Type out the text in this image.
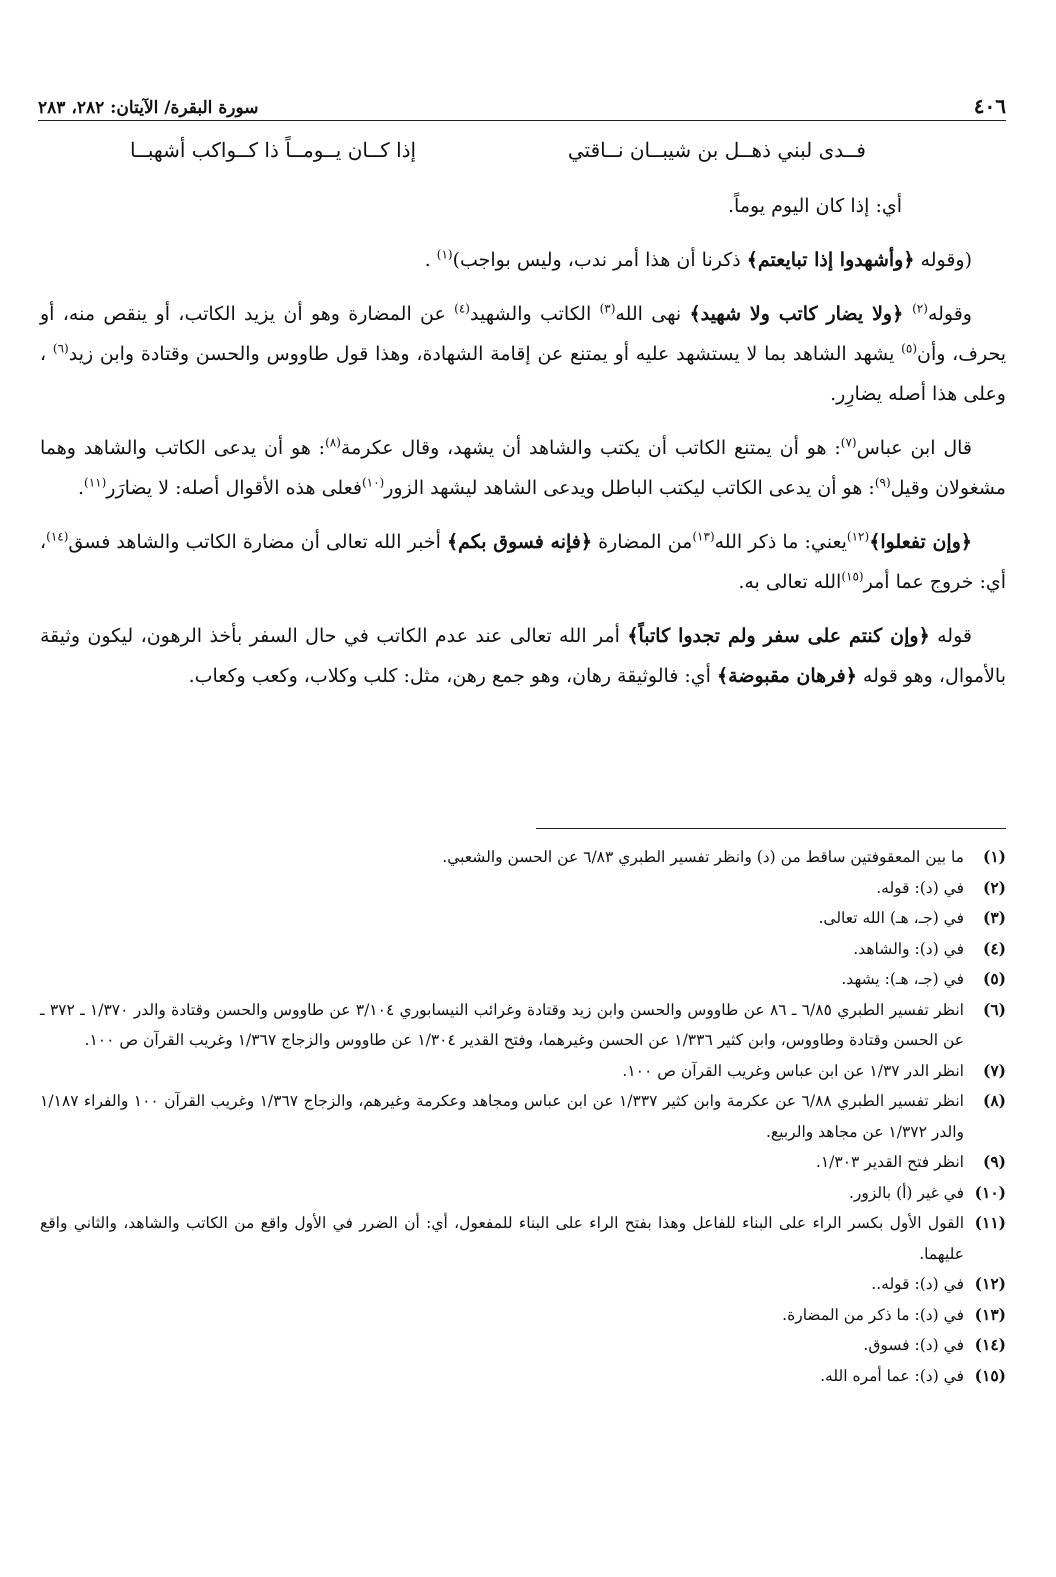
٤٠٦
سورة البقرة/ الآيتان: ٢٨٢، ٢٨٣
فــدى لبني ذهــل بن شيبــان نــاقتي
إذا كــان يــومــاً ذا كــواكب أشهبــا

أي: إذا كان اليوم يوماً.

(وقوله ﴿وأشهدوا إذا تبايعتم﴾ ذكرنا أن هذا أمر ندب، وليس بواجب)$^{(١)}$ .

وقوله$^{(٢)}$ ﴿ولا يضار كاتب ولا شهيد﴾ نهى الله$^{(٣)}$ الكاتب والشهيد$^{(٤)}$ عن المضارة وهو أن يزيد الكاتب، أو ينقص منه، أو يحرف، وأن$^{(٥)}$ يشهد الشاهد بما لا يستشهد عليه أو يمتنع عن إقامة الشهادة، وهذا قول طاووس والحسن وقتادة وابن زيد$^{(٦)}$ ، وعلى هذا أصله يضارِر.

قال ابن عباس$^{(٧)}$: هو أن يمتنع الكاتب أن يكتب والشاهد أن يشهد، وقال عكرمة$^{(٨)}$: هو أن يدعى الكاتب والشاهد وهما مشغولان وقيل$^{(٩)}$: هو أن يدعى الكاتب ليكتب الباطل ويدعى الشاهد ليشهد الزور$^{(١٠)}$فعلى هذه الأقوال أصله: لا يضارَر$^{(١١)}$.

﴿وإن تفعلوا﴾$^{(١٢)}$يعني: ما ذكر الله$^{(١٣)}$من المضارة ﴿فإنه فسوق بكم﴾ أخبر الله تعالى أن مضارة الكاتب والشاهد فسق$^{(١٤)}$، أي: خروج عما أمر$^{(١٥)}$الله تعالى به.

قوله ﴿وإن كنتم على سفر ولم تجدوا كاتباً﴾ أمر الله تعالى عند عدم الكاتب في حال السفر بأخذ الرهون، ليكون وثيقة بالأموال، وهو قوله ﴿فرهان مقبوضة﴾ أي: فالوثيقة رهان، وهو جمع رهن، مثل: كلب وكلاب، وكعب وكعاب.

(١)
ما بين المعقوفتين ساقط من (د) وانظر تفسير الطبري ٦/٨٣ عن الحسن والشعبي.
(٢)
في (د): قوله.
(٣)
في (جـ، هـ) الله تعالى.
(٤)
في (د): والشاهد.
(٥)
في (جـ، هـ): يشهد.
(٦)
انظر تفسير الطبري ٦/٨٥ ـ ٨٦ عن طاووس والحسن وابن زيد وقتادة وغرائب النيسابوري ٣/١٠٤ عن طاووس والحسن وقتادة والدر ١/٣٧٠ ـ ٣٧٢ ـ عن الحسن وقتادة وطاووس، وابن كثير ١/٣٣٦ عن الحسن وغيرهما، وفتح القدير ١/٣٠٤ عن طاووس والزجاج ١/٣٦٧ وغريب القرآن ص ١٠٠.
(٧)
انظر الدر ١/٣٧ عن ابن عباس وغريب القرآن ص ١٠٠.
(٨)
انظر تفسير الطبري ٦/٨٨ عن عكرمة وابن كثير ١/٣٣٧ عن ابن عباس ومجاهد وعكرمة وغيرهم، والزجاج ١/٣٦٧ وغريب القرآن ١٠٠ والفراء ١/١٨٧ والدر ١/٣٧٢ عن مجاهد والربيع.
(٩)
انظر فتح القدير ١/٣٠٣.
(١٠)
في غير (أ) بالزور.
(١١)
القول الأول بكسر الراء على البناء للفاعل وهذا بفتح الراء على البناء للمفعول، أي: أن الضرر في الأول واقع من الكاتب والشاهد، والثاني واقع عليهما.
(١٢)
في (د): قوله..
(١٣)
في (د): ما ذكر من المضارة.
(١٤)
في (د): فسوق.
(١٥)
في (د): عما أمره الله.
